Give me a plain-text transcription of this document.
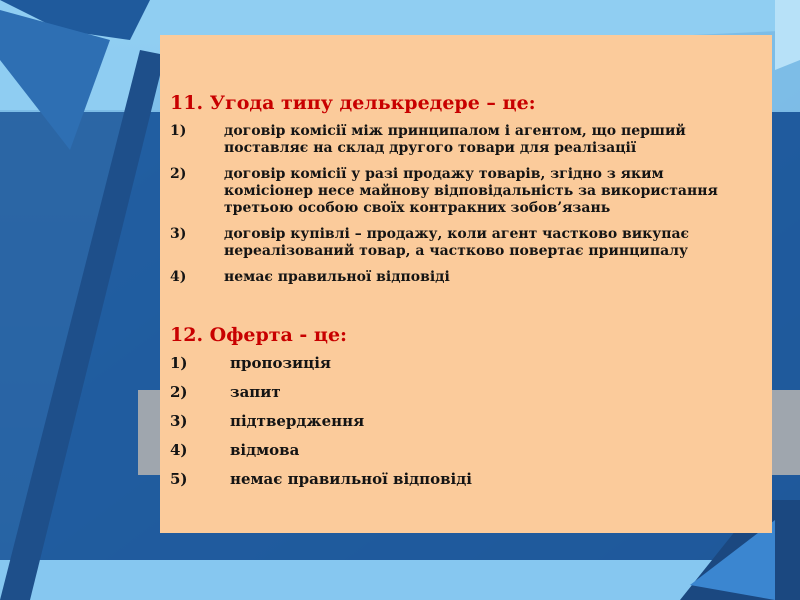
11. Угода типу делькредере – це:
1)	договір комісії між принципалом і агентом, що перший поставляє на склад другого товари для реалізації
2)	договір комісії у разі продажу товарів, згідно з яким комісіонер несе майнову відповідальність за використання третьою особою своїх контракних зобов’язань
3)	договір купівлі – продажу, коли агент частково викупає нереалізований товар, а частково повертає принципалу
4)	немає правильної відповіді
12. Оферта - це:
1)	пропозиція
2)	запит
3)	підтвердження
4)	відмова
5)	немає правильної відповіді
